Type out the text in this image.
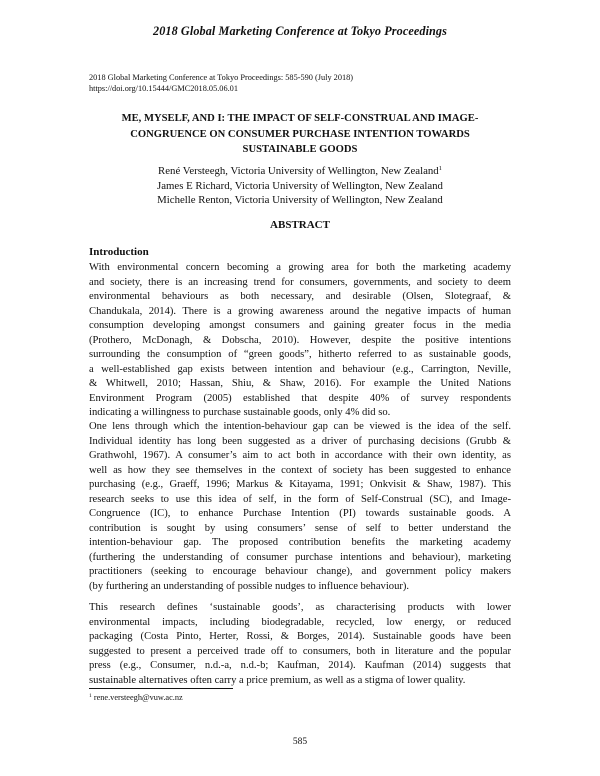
2018 Global Marketing Conference at Tokyo Proceedings
2018 Global Marketing Conference at Tokyo Proceedings: 585-590 (July 2018)
https://doi.org/10.15444/GMC2018.05.06.01
ME, MYSELF, AND I: THE IMPACT OF SELF-CONSTRUAL AND IMAGE-
CONGRUENCE ON CONSUMER PURCHASE INTENTION TOWARDS
SUSTAINABLE GOODS
René Versteegh, Victoria University of Wellington, New Zealand$^1$
James E Richard, Victoria University of Wellington, New Zealand
Michelle Renton, Victoria University of Wellington, New Zealand
ABSTRACT
Introduction
With environmental concern becoming a growing area for both the marketing academy
and society, there is an increasing trend for consumers, governments, and society to deem
environmental behaviours as both necessary, and desirable (Olsen, Slotegraaf, &
Chandukala, 2014). There is a growing awareness around the negative impacts of human
consumption developing amongst consumers and gaining greater focus in the media
(Prothero, McDonagh, & Dobscha, 2010). However, despite the positive intentions
surrounding the consumption of “green goods”, hitherto referred to as sustainable goods,
a well-established gap exists between intention and behaviour (e.g., Carrington, Neville,
& Whitwell, 2010; Hassan, Shiu, & Shaw, 2016). For example the United Nations
Environment Program (2005) established that despite 40% of survey respondents
indicating a willingness to purchase sustainable goods, only 4% did so.
One lens through which the intention-behaviour gap can be viewed is the idea of the self.
Individual identity has long been suggested as a driver of purchasing decisions (Grubb &
Grathwohl, 1967). A consumer’s aim to act both in accordance with their own identity, as
well as how they see themselves in the context of society has been suggested to enhance
purchasing (e.g., Graeff, 1996; Markus & Kitayama, 1991; Onkvisit & Shaw, 1987). This
research seeks to use this idea of self, in the form of Self-Construal (SC), and Image-
Congruence (IC), to enhance Purchase Intention (PI) towards sustainable goods. A
contribution is sought by using consumers’ sense of self to better understand the
intention-behaviour gap. The proposed contribution benefits the marketing academy
(furthering the understanding of consumer purchase intentions and behaviour), marketing
practitioners (seeking to encourage behaviour change), and government policy makers
(by furthering an understanding of possible nudges to influence behaviour).
This research defines ‘sustainable goods’, as characterising products with lower
environmental impacts, including biodegradable, recycled, low energy, or reduced
packaging (Costa Pinto, Herter, Rossi, & Borges, 2014). Sustainable goods have been
suggested to present a perceived trade off to consumers, both in literature and the popular
press (e.g., Consumer, n.d.-a, n.d.-b; Kaufman, 2014). Kaufman (2014) suggests that
sustainable alternatives often carry a price premium, as well as a stigma of lower quality.
$^1$ rene.versteegh@vuw.ac.nz
585
